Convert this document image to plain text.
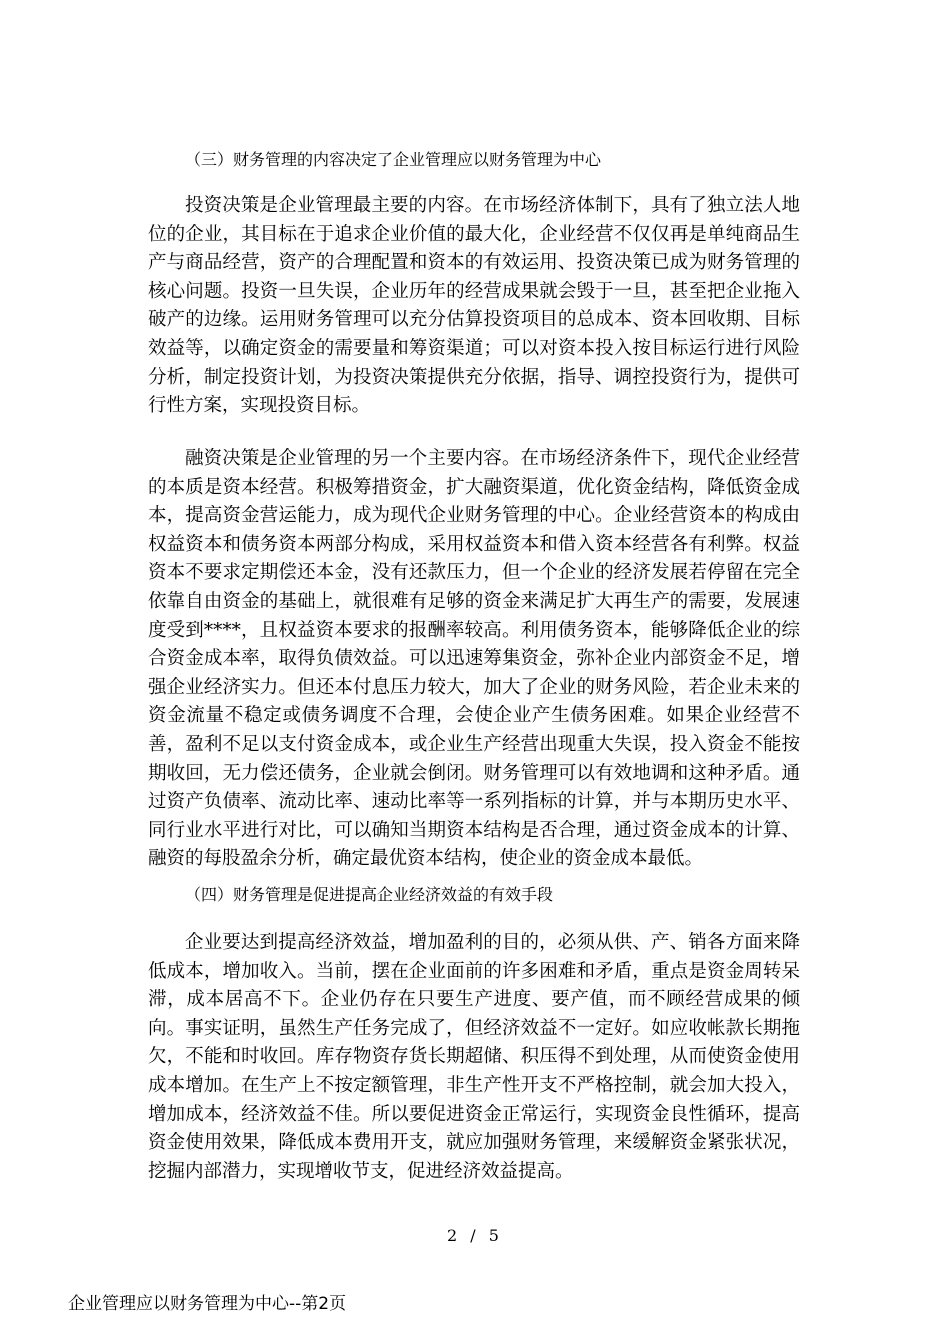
（三）财务管理的内容决定了企业管理应以财务管理为中心

投资决策是企业管理最主要的内容。在市场经济体制下，具有了独立法人地位的企业，其目标在于追求企业价值的最大化，企业经营不仅仅再是单纯商品生产与商品经营，资产的合理配置和资本的有效运用、投资决策已成为财务管理的核心问题。投资一旦失误，企业历年的经营成果就会毁于一旦，甚至把企业拖入破产的边缘。运用财务管理可以充分估算投资项目的总成本、资本回收期、目标效益等，以确定资金的需要量和筹资渠道；可以对资本投入按目标运行进行风险分析，制定投资计划，为投资决策提供充分依据，指导、调控投资行为，提供可行性方案，实现投资目标。

融资决策是企业管理的另一个主要内容。在市场经济条件下，现代企业经营的本质是资本经营。积极筹措资金，扩大融资渠道，优化资金结构，降低资金成本，提高资金营运能力，成为现代企业财务管理的中心。企业经营资本的构成由权益资本和债务资本两部分构成，采用权益资本和借入资本经营各有利弊。权益资本不要求定期偿还本金，没有还款压力，但一个企业的经济发展若停留在完全依靠自由资金的基础上，就很难有足够的资金来满足扩大再生产的需要，发展速度受到****，且权益资本要求的报酬率较高。利用债务资本，能够降低企业的综合资金成本率，取得负债效益。可以迅速筹集资金，弥补企业内部资金不足，增强企业经济实力。但还本付息压力较大，加大了企业的财务风险，若企业未来的资金流量不稳定或债务调度不合理，会使企业产生债务困难。如果企业经营不善，盈利不足以支付资金成本，或企业生产经营出现重大失误，投入资金不能按期收回，无力偿还债务，企业就会倒闭。财务管理可以有效地调和这种矛盾。通过资产负债率、流动比率、速动比率等一系列指标的计算，并与本期历史水平、同行业水平进行对比，可以确知当期资本结构是否合理，通过资金成本的计算、融资的每股盈余分析，确定最优资本结构，使企业的资金成本最低。

（四）财务管理是促进提高企业经济效益的有效手段

企业要达到提高经济效益，增加盈利的目的，必须从供、产、销各方面来降低成本，增加收入。当前，摆在企业面前的许多困难和矛盾，重点是资金周转呆滞，成本居高不下。企业仍存在只要生产进度、要产值，而不顾经营成果的倾向。事实证明，虽然生产任务完成了，但经济效益不一定好。如应收帐款长期拖欠，不能和时收回。库存物资存货长期超储、积压得不到处理，从而使资金使用成本增加。在生产上不按定额管理，非生产性开支不严格控制，就会加大投入，增加成本，经济效益不佳。所以要促进资金正常运行，实现资金良性循环，提高资金使用效果，降低成本费用开支，就应加强财务管理，来缓解资金紧张状况，挖掘内部潜力，实现增收节支，促进经济效益提高。

2 / 5
企业管理应以财务管理为中心--第2页
